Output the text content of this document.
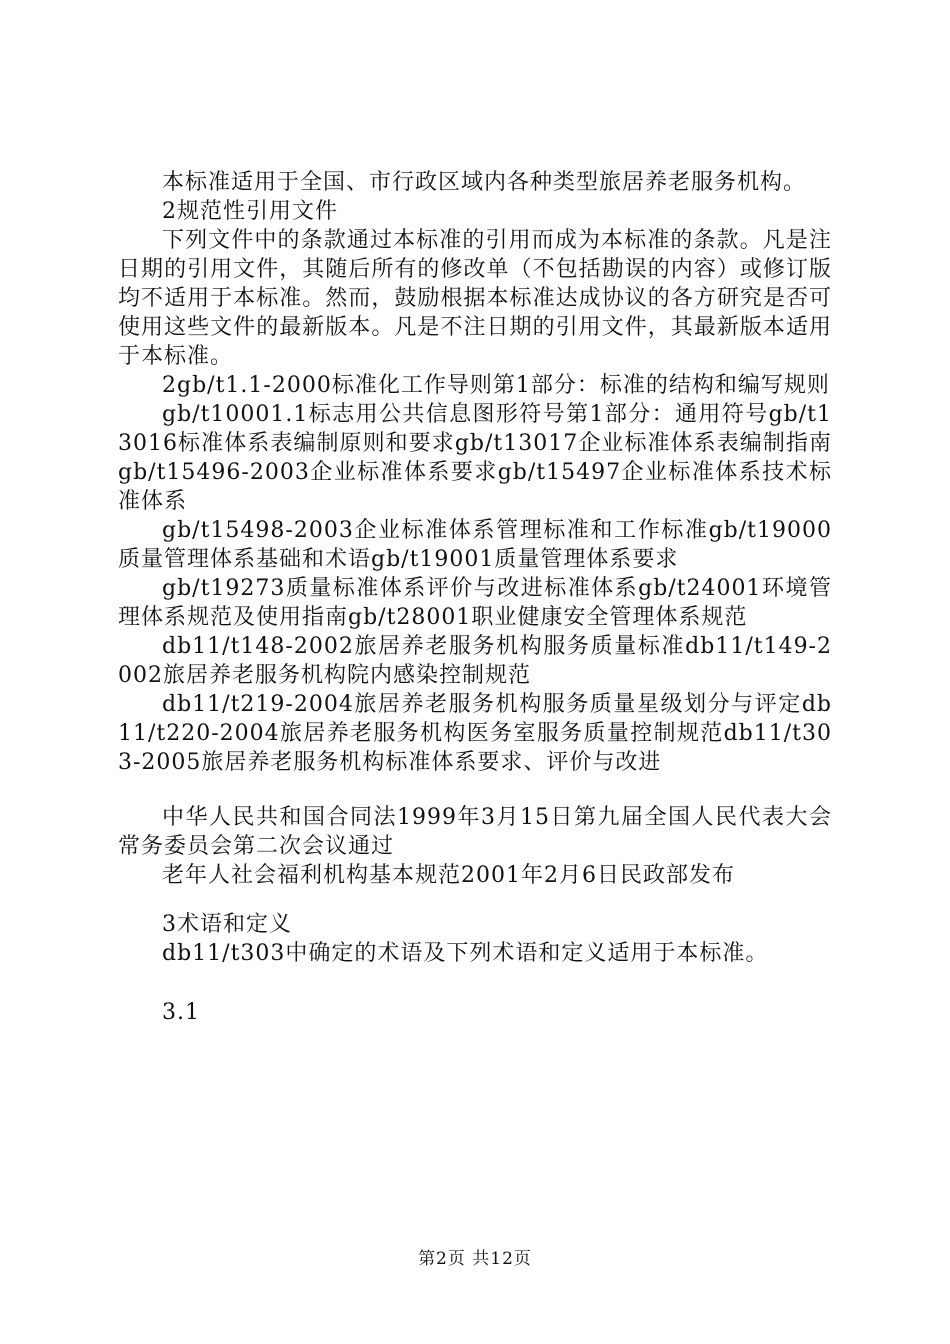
本标准适用于全国、市行政区域内各种类型旅居养老服务机构。

2规范性引用文件

下列文件中的条款通过本标准的引用而成为本标准的条款。凡是注日期的引用文件，其随后所有的修改单（不包括勘误的内容）或修订版均不适用于本标准。然而，鼓励根据本标准达成协议的各方研究是否可使用这些文件的最新版本。凡是不注日期的引用文件，其最新版本适用于本标准。

2gb/t1.1-2000标准化工作导则第1部分：标准的结构和编写规则

gb/t10001.1标志用公共信息图形符号第1部分：通用符号gb/t13016标准体系表编制原则和要求gb/t13017企业标准体系表编制指南gb/t15496-2003企业标准体系要求gb/t15497企业标准体系技术标准体系

gb/t15498-2003企业标准体系管理标准和工作标准gb/t19000质量管理体系基础和术语gb/t19001质量管理体系要求

gb/t19273质量标准体系评价与改进标准体系gb/t24001环境管理体系规范及使用指南gb/t28001职业健康安全管理体系规范

db11/t148-2002旅居养老服务机构服务质量标准db11/t149-2002旅居养老服务机构院内感染控制规范

db11/t219-2004旅居养老服务机构服务质量星级划分与评定db11/t220-2004旅居养老服务机构医务室服务质量控制规范db11/t303-2005旅居养老服务机构标准体系要求、评价与改进

中华人民共和国合同法1999年3月15日第九届全国人民代表大会常务委员会第二次会议通过

老年人社会福利机构基本规范2001年2月6日民政部发布

3术语和定义

db11/t303中确定的术语及下列术语和定义适用于本标准。

3.1

第2页 共12页
